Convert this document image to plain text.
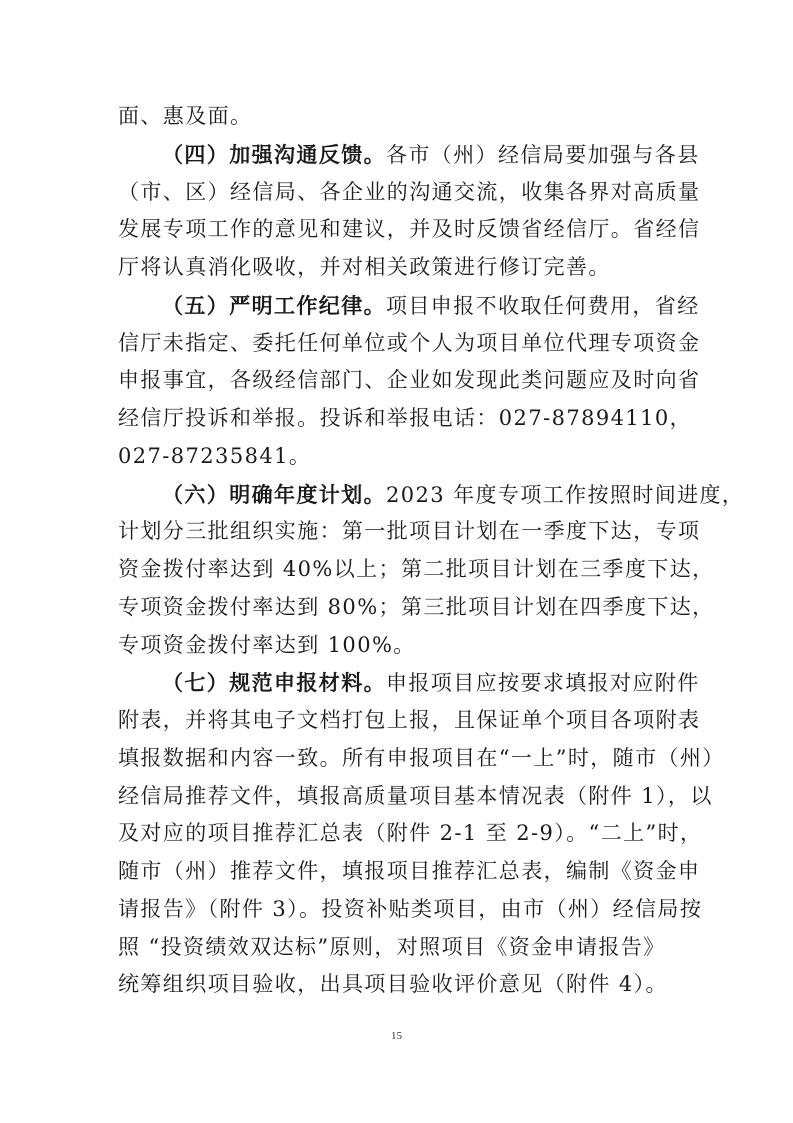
面、惠及面。
（四）加强沟通反馈。各市（州）经信局要加强与各县
（市、区）经信局、各企业的沟通交流，收集各界对高质量
发展专项工作的意见和建议，并及时反馈省经信厅。省经信
厅将认真消化吸收，并对相关政策进行修订完善。
（五）严明工作纪律。项目申报不收取任何费用，省经
信厅未指定、委托任何单位或个人为项目单位代理专项资金
申报事宜，各级经信部门、企业如发现此类问题应及时向省
经信厅投诉和举报。投诉和举报电话：027-87894110，
027-87235841。
（六）明确年度计划。2023 年度专项工作按照时间进度，
计划分三批组织实施：第一批项目计划在一季度下达，专项
资金拨付率达到 40%以上；第二批项目计划在三季度下达，
专项资金拨付率达到 80%；第三批项目计划在四季度下达，
专项资金拨付率达到 100%。
（七）规范申报材料。申报项目应按要求填报对应附件
附表，并将其电子文档打包上报，且保证单个项目各项附表
填报数据和内容一致。所有申报项目在“一上”时，随市（州）
经信局推荐文件，填报高质量项目基本情况表（附件 1），以
及对应的项目推荐汇总表（附件 2-1 至 2-9）。“二上”时，
随市（州）推荐文件，填报项目推荐汇总表，编制《资金申
请报告》（附件 3）。投资补贴类项目，由市（州）经信局按
照 “投资绩效双达标”原则，对照项目《资金申请报告》
统筹组织项目验收，出具项目验收评价意见（附件 4）。
15
